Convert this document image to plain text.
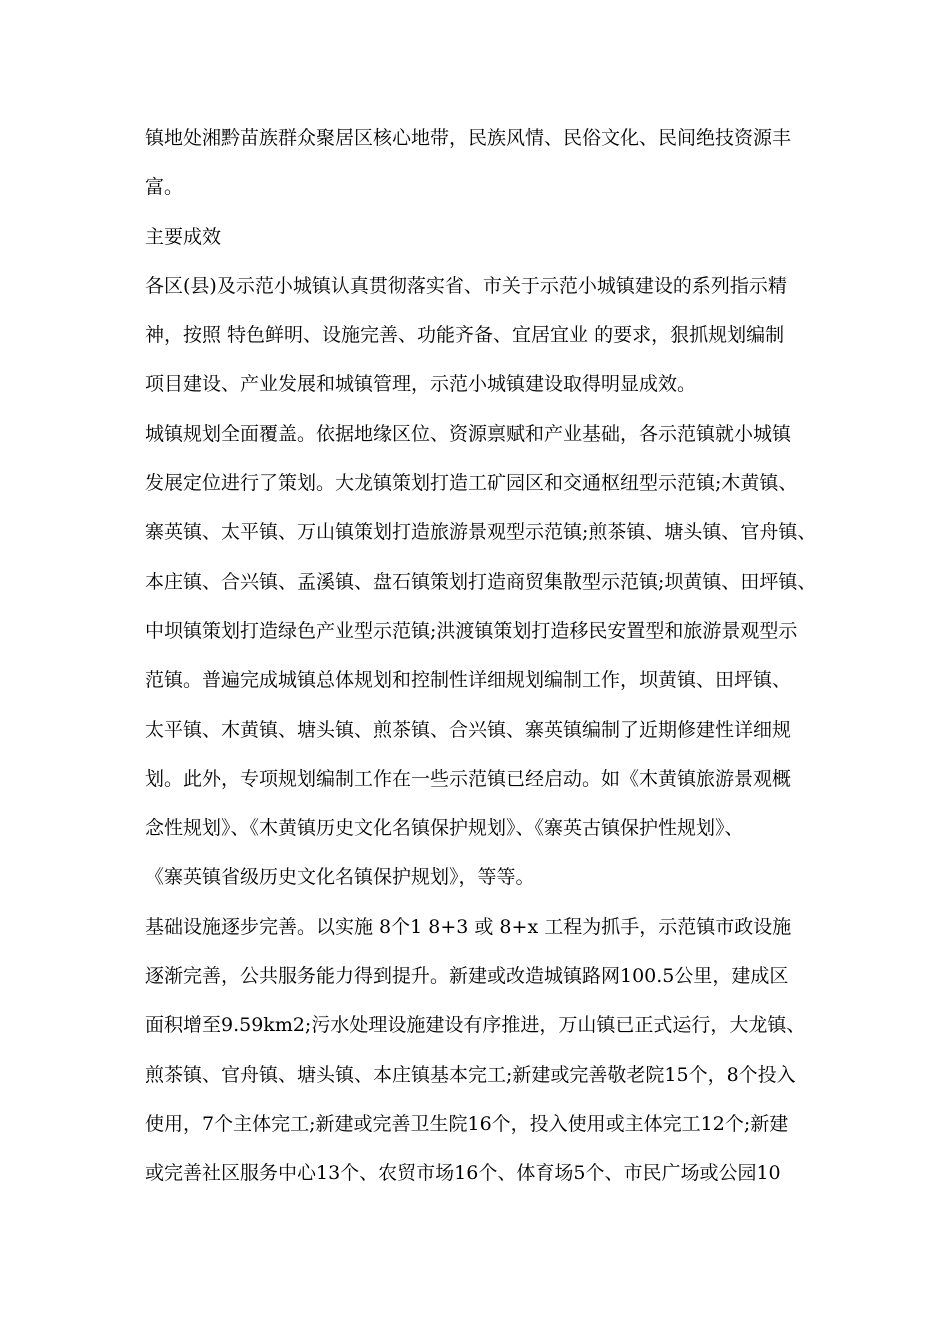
镇地处湘黔苗族群众聚居区核心地带，民族风情、民俗文化、民间绝技资源丰
富。
主要成效
各区(县)及示范小城镇认真贯彻落实省、市关于示范小城镇建设的系列指示精
神，按照 特色鲜明、设施完善、功能齐备、宜居宜业 的要求，狠抓规划编制
项目建设、产业发展和城镇管理，示范小城镇建设取得明显成效。
城镇规划全面覆盖。依据地缘区位、资源禀赋和产业基础，各示范镇就小城镇
发展定位进行了策划。大龙镇策划打造工矿园区和交通枢纽型示范镇;木黄镇、
寨英镇、太平镇、万山镇策划打造旅游景观型示范镇;煎茶镇、塘头镇、官舟镇、
本庄镇、合兴镇、孟溪镇、盘石镇策划打造商贸集散型示范镇;坝黄镇、田坪镇、
中坝镇策划打造绿色产业型示范镇;洪渡镇策划打造移民安置型和旅游景观型示
范镇。普遍完成城镇总体规划和控制性详细规划编制工作，坝黄镇、田坪镇、
太平镇、木黄镇、塘头镇、煎茶镇、合兴镇、寨英镇编制了近期修建性详细规
划。此外，专项规划编制工作在一些示范镇已经启动。如《木黄镇旅游景观概
念性规划》、《木黄镇历史文化名镇保护规划》、《寨英古镇保护性规划》、
《寨英镇省级历史文化名镇保护规划》，等等。
基础设施逐步完善。以实施 8个1 8+3 或 8+x 工程为抓手，示范镇市政设施
逐渐完善，公共服务能力得到提升。新建或改造城镇路网100.5公里，建成区
面积增至9.59km2;污水处理设施建设有序推进，万山镇已正式运行，大龙镇、
煎茶镇、官舟镇、塘头镇、本庄镇基本完工;新建或完善敬老院15个，8个投入
使用，7个主体完工;新建或完善卫生院16个，投入使用或主体完工12个;新建
或完善社区服务中心13个、农贸市场16个、体育场5个、市民广场或公园10
